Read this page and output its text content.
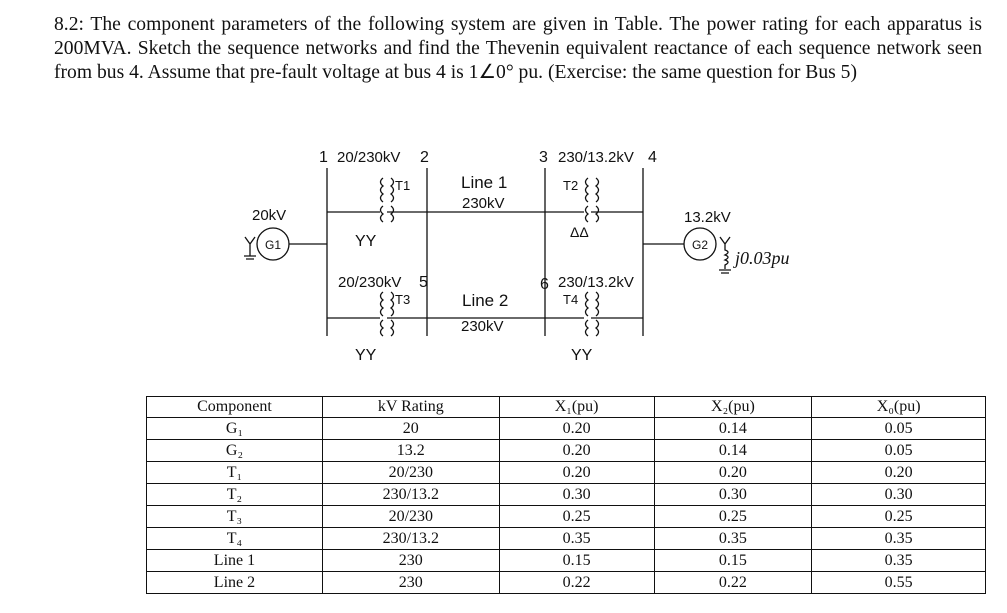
8.2: The component parameters of the following system are given in Table. The power rating for each apparatus is 200MVA. Sketch the sequence networks and find the Thevenin equivalent reactance of each sequence network seen from bus 4. Assume that pre-fault voltage at bus 4 is 1∠0° pu. (Exercise: the same question for Bus 5)
1 20/230kV 2	3 230/13.2kV 4
20/230kV 5	6 230/13.2kV
T1	T2
T3	T4
YY
ΔΔ
YY	YY
Line 1
230kV
Line 2
230kV
20kV
G1
13.2kV
G2
j0.03pu
Component	kV Rating	X₁(pu)	X₂(pu)	X₀(pu)
G₁	20	0.20	0.14	0.05
G₂	13.2	0.20	0.14	0.05
T₁	20/230	0.20	0.20	0.20
T₂	230/13.2	0.30	0.30	0.30
T₃	20/230	0.25	0.25	0.25
T₄	230/13.2	0.35	0.35	0.35
Line 1	230	0.15	0.15	0.35
Line 2	230	0.22	0.22	0.55
